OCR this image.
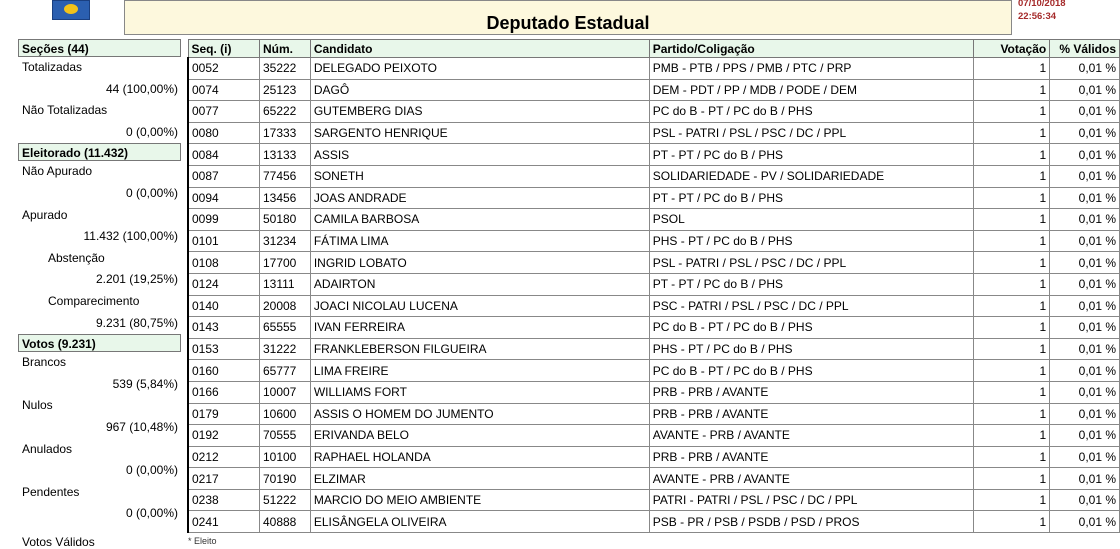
Deputado Estadual
07/10/2018
22:56:34
Seções (44)
Totalizadas
44 (100,00%)
Não Totalizadas
0 (0,00%)
Eleitorado (11.432)
Não Apurado
0 (0,00%)
Apurado
11.432 (100,00%)
Abstenção
2.201 (19,25%)
Comparecimento
9.231 (80,75%)
Votos (9.231)
Brancos
539 (5,84%)
Nulos
967 (10,48%)
Anulados
0 (0,00%)
Pendentes
0 (0,00%)
Votos Válidos
Seq. (i)	Núm.	Candidato	Partido/Coligação	Votação	% Válidos
0052	35222	DELEGADO PEIXOTO	PMB - PTB / PPS / PMB / PTC / PRP	1	0,01 %
0074	25123	DAGÔ	DEM - PDT / PP / MDB / PODE / DEM	1	0,01 %
0077	65222	GUTEMBERG DIAS	PC do B - PT / PC do B / PHS	1	0,01 %
0080	17333	SARGENTO HENRIQUE	PSL - PATRI / PSL / PSC / DC / PPL	1	0,01 %
0084	13133	ASSIS	PT - PT / PC do B / PHS	1	0,01 %
0087	77456	SONETH	SOLIDARIEDADE - PV / SOLIDARIEDADE	1	0,01 %
0094	13456	JOAS ANDRADE	PT - PT / PC do B / PHS	1	0,01 %
0099	50180	CAMILA BARBOSA	PSOL	1	0,01 %
0101	31234	FÁTIMA LIMA	PHS - PT / PC do B / PHS	1	0,01 %
0108	17700	INGRID LOBATO	PSL - PATRI / PSL / PSC / DC / PPL	1	0,01 %
0124	13111	ADAIRTON	PT - PT / PC do B / PHS	1	0,01 %
0140	20008	JOACI NICOLAU LUCENA	PSC - PATRI / PSL / PSC / DC / PPL	1	0,01 %
0143	65555	IVAN FERREIRA	PC do B - PT / PC do B / PHS	1	0,01 %
0153	31222	FRANKLEBERSON FILGUEIRA	PHS - PT / PC do B / PHS	1	0,01 %
0160	65777	LIMA FREIRE	PC do B - PT / PC do B / PHS	1	0,01 %
0166	10007	WILLIAMS FORT	PRB - PRB / AVANTE	1	0,01 %
0179	10600	ASSIS O HOMEM DO JUMENTO	PRB - PRB / AVANTE	1	0,01 %
0192	70555	ERIVANDA BELO	AVANTE - PRB / AVANTE	1	0,01 %
0212	10100	RAPHAEL HOLANDA	PRB - PRB / AVANTE	1	0,01 %
0217	70190	ELZIMAR	AVANTE - PRB / AVANTE	1	0,01 %
0238	51222	MARCIO DO MEIO AMBIENTE	PATRI - PATRI / PSL / PSC / DC / PPL	1	0,01 %
0241	40888	ELISÂNGELA OLIVEIRA	PSB - PR / PSB / PSDB / PSD / PROS	1	0,01 %
* Eleito
